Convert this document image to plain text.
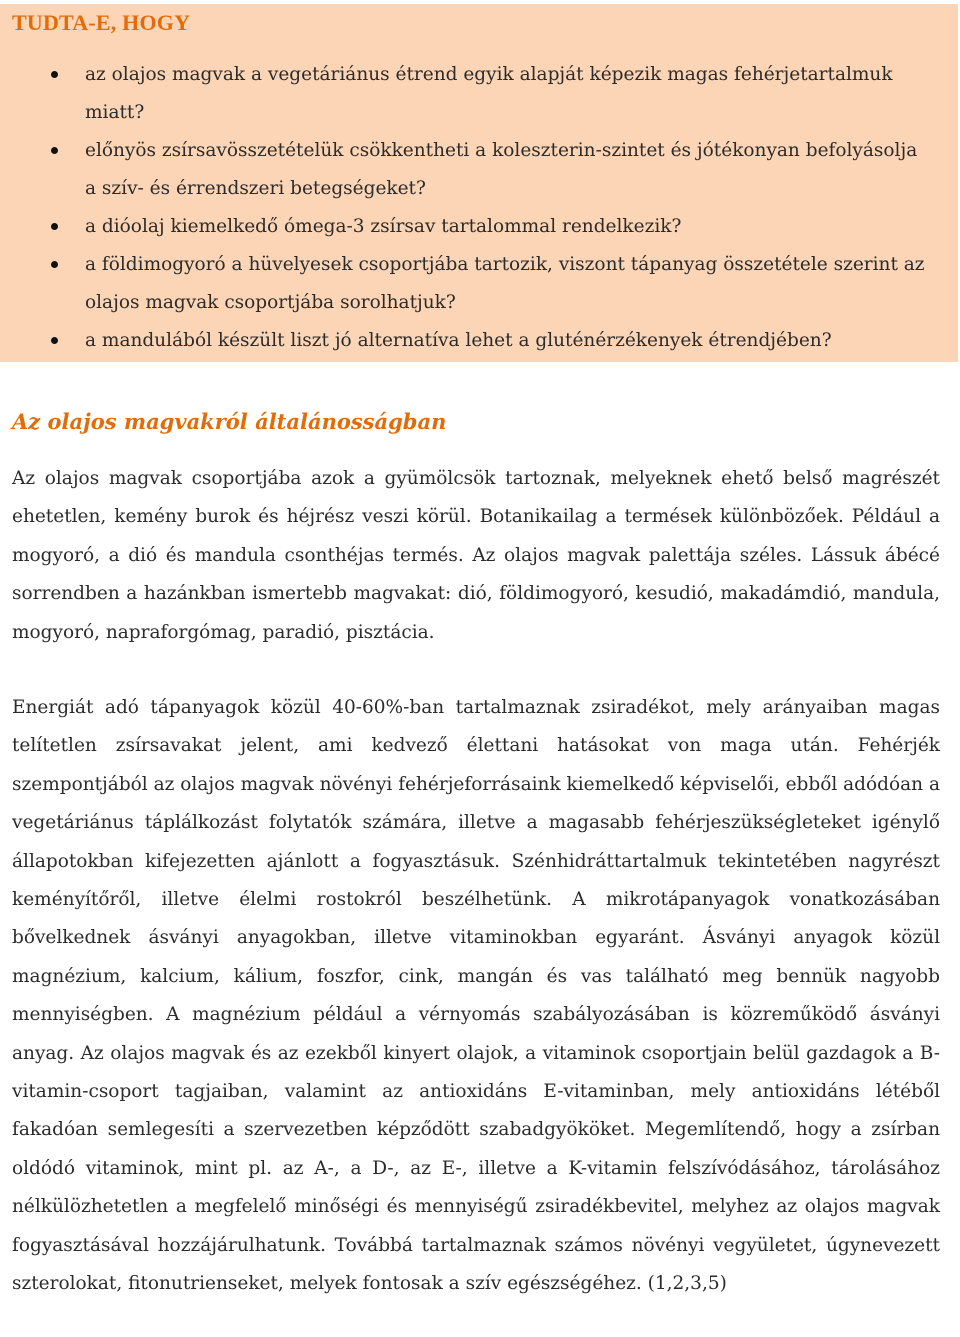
TUDTA-E, HOGY
az olajos magvak a vegetáriánus étrend egyik alapját képezik magas fehérjetartalmuk miatt?
előnyös zsírsavösszetételük csökkentheti a koleszterin-szintet és jótékonyan befolyásolja a szív- és érrendszeri betegségeket?
a dióolaj kiemelkedő ómega-3 zsírsav tartalommal rendelkezik?
a földimogyoró a hüvelyesek csoportjába tartozik, viszont tápanyag összetétele szerint az olajos magvak csoportjába sorolhatjuk?
a mandulából készült liszt jó alternatíva lehet a gluténérzékenyek étrendjében?
Az olajos magvakról általánosságban

Az olajos magvak csoportjába azok a gyümölcsök tartoznak, melyeknek ehető belső magrészét ehetetlen, kemény burok és héjrész veszi körül. Botanikailag a termések különbözőek. Például a mogyoró, a dió és mandula csonthéjas termés. Az olajos magvak palettája széles. Lássuk ábécé sorrendben a hazánkban ismertebb magvakat: dió, földimogyoró, kesudió, makadámdió, mandula, mogyoró, napraforgómag, paradió, pisztácia.

Energiát adó tápanyagok közül 40-60%-ban tartalmaznak zsiradékot, mely arányaiban magas telítetlen zsírsavakat jelent, ami kedvező élettani hatásokat von maga után. Fehérjék szempontjából az olajos magvak növényi fehérjeforrásaink kiemelkedő képviselői, ebből adódóan a vegetáriánus táplálkozást folytatók számára, illetve a magasabb fehérjeszükségleteket igénylő állapotokban kifejezetten ajánlott a fogyasztásuk. Szénhidráttartalmuk tekintetében nagyrészt keményítőről, illetve élelmi rostokról beszélhetünk. A mikrotápanyagok vonatkozásában bővelkednek ásványi anyagokban, illetve vitaminokban egyaránt. Ásványi anyagok közül magnézium, kalcium, kálium, foszfor, cink, mangán és vas található meg bennük nagyobb mennyiségben. A magnézium például a vérnyomás szabályozásában is közreműködő ásványi anyag. Az olajos magvak és az ezekből kinyert olajok, a vitaminok csoportjain belül gazdagok a B-vitamin-csoport tagjaiban, valamint az antioxidáns E-vitaminban, mely antioxidáns létéből fakadóan semlegesíti a szervezetben képződött szabadgyököket. Megemlítendő, hogy a zsírban oldódó vitaminok, mint pl. az A-, a D-, az E-, illetve a K-vitamin felszívódásához, tárolásához nélkülözhetetlen a megfelelő minőségi és mennyiségű zsiradékbevitel, melyhez az olajos magvak fogyasztásával hozzájárulhatunk. Továbbá tartalmaznak számos növényi vegyületet, úgynevezett szterolokat, fitonutrienseket, melyek fontosak a szív egészségéhez. (1,2,3,5)
